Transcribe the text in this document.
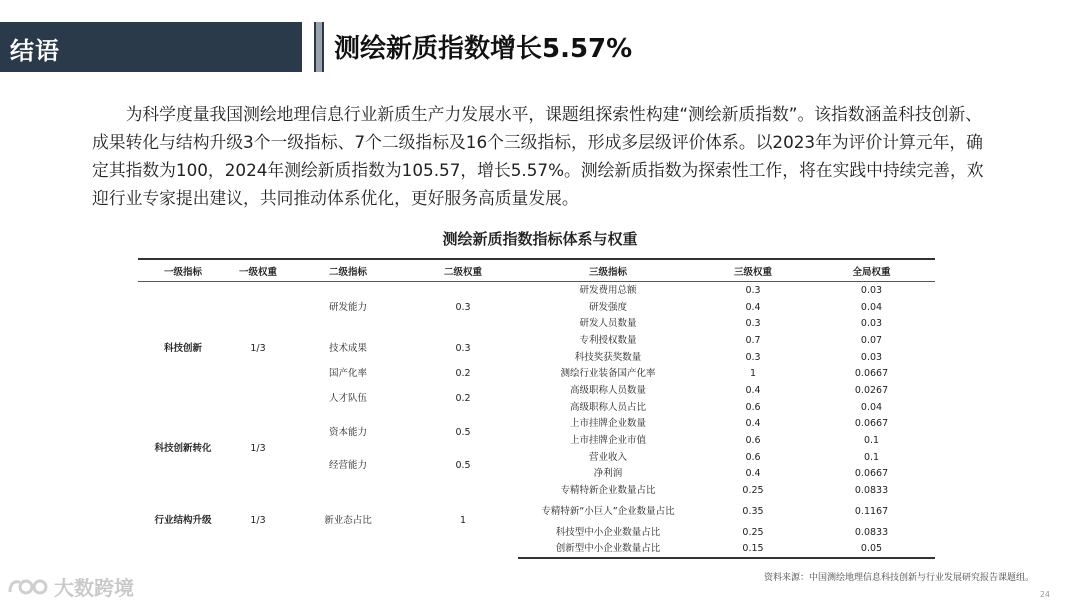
结语	测绘新质指数增长5.57%
为科学度量我国测绘地理信息行业新质生产力发展水平，课题组探索性构建“测绘新质指数”。该指数涵盖科技创新、成果转化与结构升级3个一级指标、7个二级指标及16个三级指标，形成多层级评价体系。以2023年为评价计算元年，确定其指数为100，2024年测绘新质指数为105.57，增长5.57%。测绘新质指数为探索性工作，将在实践中持续完善，欢迎行业专家提出建议，共同推动体系优化，更好服务高质量发展。
测绘新质指数指标体系与权重
一级指标	一级权重	二级指标	二级权重	三级指标	三级权重	全局权重
科技创新	1/3	研发能力	0.3	研发费用总额	0.3	0.03
				研发强度	0.4	0.04
				研发人员数量	0.3	0.03
		技术成果	0.3	专利授权数量	0.7	0.07
				科技奖获奖数量	0.3	0.03
		国产化率	0.2	测绘行业装备国产化率	1	0.0667
		人才队伍	0.2	高级职称人员数量	0.4	0.0267
				高级职称人员占比	0.6	0.04
科技创新转化	1/3	资本能力	0.5	上市挂牌企业数量	0.4	0.0667
				上市挂牌企业市值	0.6	0.1
		经营能力	0.5	营业收入	0.6	0.1
				净利润	0.4	0.0667
行业结构升级	1/3	新业态占比	1	专精特新企业数量占比	0.25	0.0833
				专精特新“小巨人”企业数量占比	0.35	0.1167
				科技型中小企业数量占比	0.25	0.0833
				创新型中小企业数量占比	0.15	0.05
资料来源：中国测绘地理信息科技创新与行业发展研究报告课题组。
24
大数跨境
